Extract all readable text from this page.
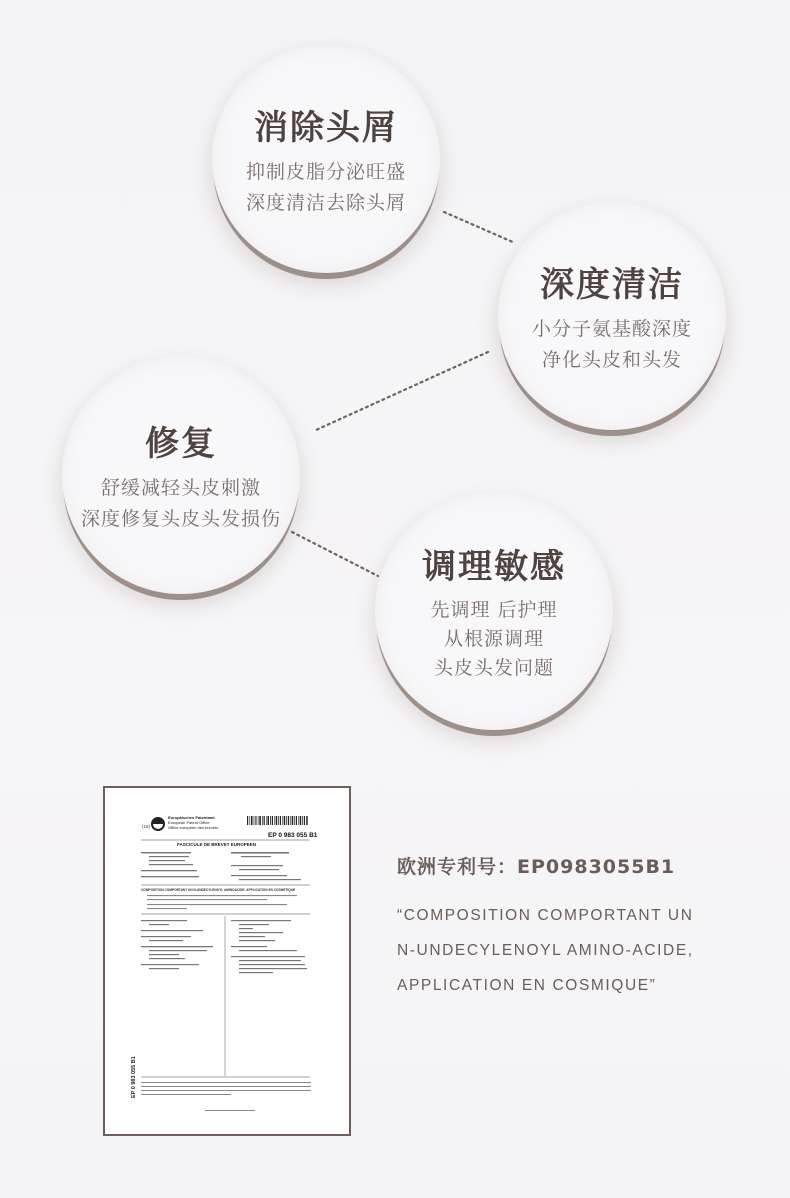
消除头屑
抑制皮脂分泌旺盛
深度清洁去除头屑
深度清洁
小分子氨基酸深度
净化头皮和头发
修复
舒缓减轻头皮刺激
深度修复头皮头发损伤
调理敏感
先调理 后护理
从根源调理
头皮头发问题
(19)
Europäisches Patentamt
European Patent Office
Office européen des brevets
EP 0 983 055 B1
FASCICULE DE BREVET EUROPEEN
COMPOSITION COMPORTANT UN N-UNDECYLENOYL AMINOACIDE, APPLICATION EN COSMETIQUE
EP 0 983 055 B1
欧洲专利号：EP0983055B1
“COMPOSITION COMPORTANT UN N-UNDECYLENOYL AMINO-ACIDE, APPLICATION EN COSMIQUE”
